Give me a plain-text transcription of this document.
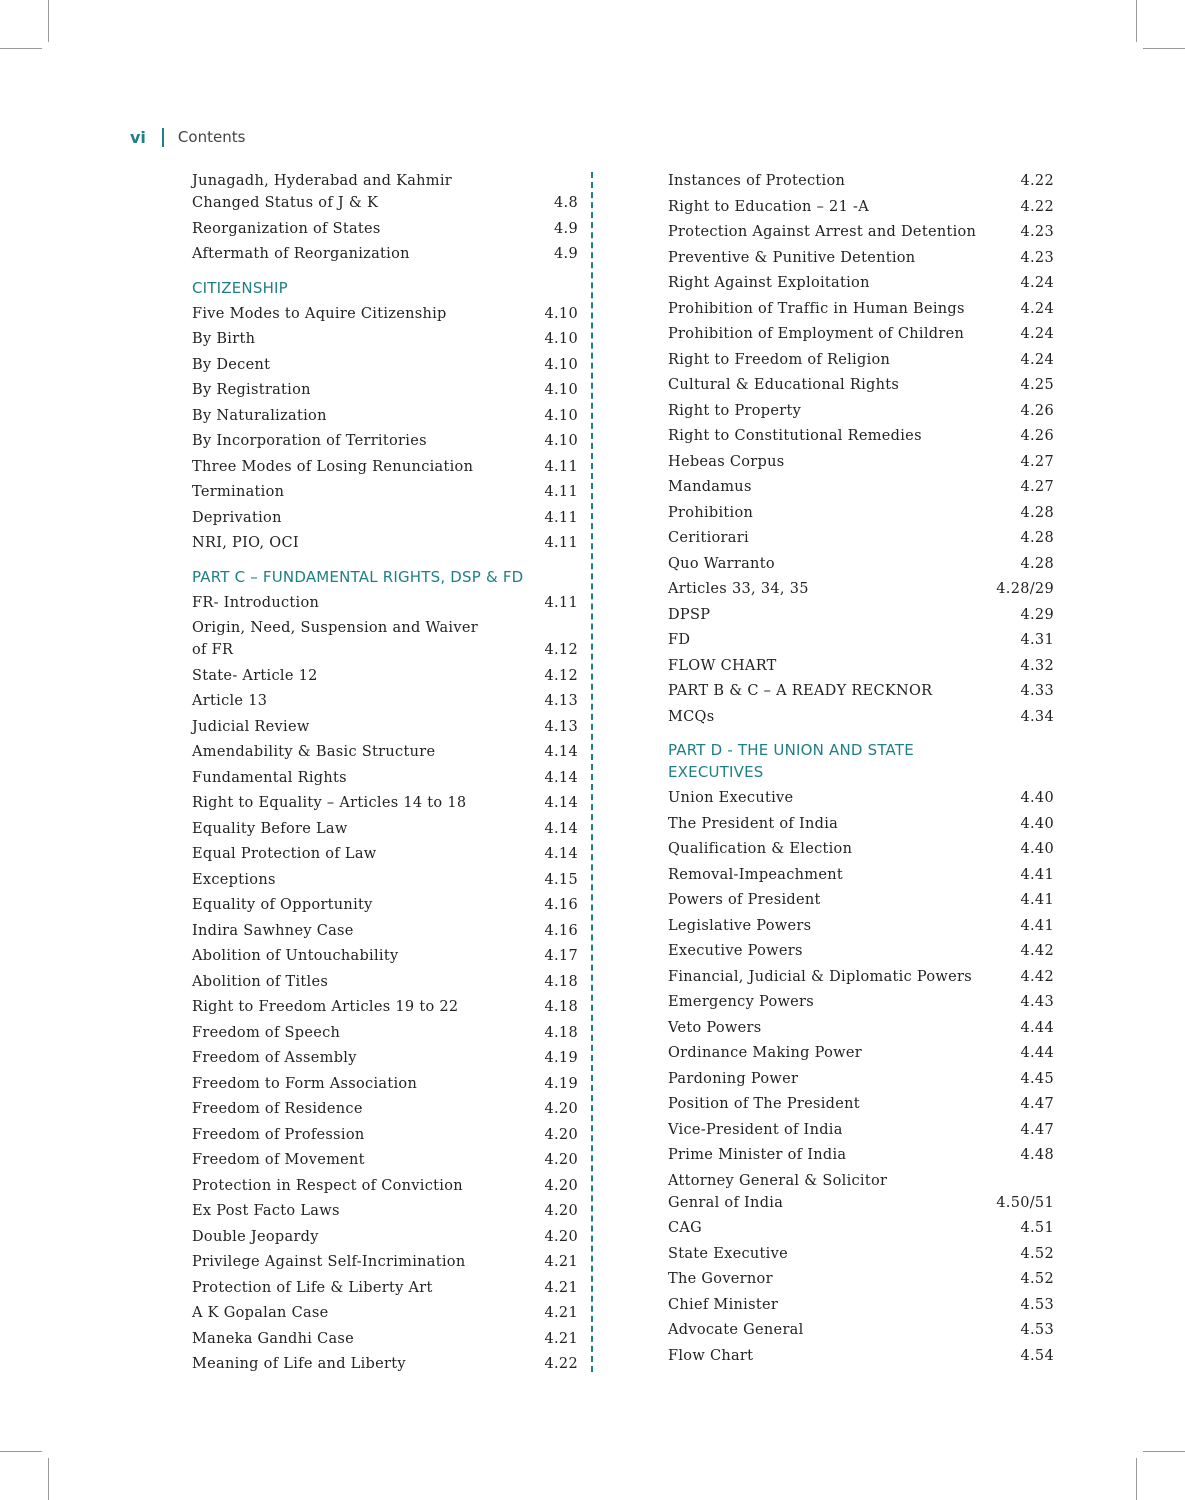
vi Contents
Junagadh, Hyderabad and Kahmir
Changed Status of J & K	4.8
Reorganization of States	4.9
Aftermath of Reorganization	4.9
CITIZENSHIP
Five Modes to Aquire Citizenship	4.10
By Birth	4.10
By Decent	4.10
By Registration	4.10
By Naturalization	4.10
By Incorporation of Territories	4.10
Three Modes of Losing Renunciation	4.11
Termination	4.11
Deprivation	4.11
NRI, PIO, OCI	4.11
PART C – FUNDAMENTAL RIGHTS, DSP & FD
FR- Introduction	4.11
Origin, Need, Suspension and Waiver
of FR	4.12
State- Article 12	4.12
Article 13	4.13
Judicial Review	4.13
Amendability & Basic Structure	4.14
Fundamental Rights	4.14
Right to Equality – Articles 14 to 18	4.14
Equality Before Law	4.14
Equal Protection of Law	4.14
Exceptions	4.15
Equality of Opportunity	4.16
Indira Sawhney Case	4.16
Abolition of Untouchability	4.17
Abolition of Titles	4.18
Right to Freedom Articles 19 to 22	4.18
Freedom of Speech	4.18
Freedom of Assembly	4.19
Freedom to Form Association	4.19
Freedom of Residence	4.20
Freedom of Profession	4.20
Freedom of Movement	4.20
Protection in Respect of Conviction	4.20
Ex Post Facto Laws	4.20
Double Jeopardy	4.20
Privilege Against Self-Incrimination	4.21
Protection of Life & Liberty Art	4.21
A K Gopalan Case	4.21
Maneka Gandhi Case	4.21
Meaning of Life and Liberty	4.22
Instances of Protection	4.22
Right to Education – 21 -A	4.22
Protection Against Arrest and Detention	4.23
Preventive & Punitive Detention	4.23
Right Against Exploitation	4.24
Prohibition of Traffic in Human Beings	4.24
Prohibition of Employment of Children	4.24
Right to Freedom of Religion	4.24
Cultural & Educational Rights	4.25
Right to Property	4.26
Right to Constitutional Remedies	4.26
Hebeas Corpus	4.27
Mandamus	4.27
Prohibition	4.28
Ceritiorari	4.28
Quo Warranto	4.28
Articles 33, 34, 35	4.28/29
DPSP	4.29
FD	4.31
FLOW CHART	4.32
PART B & C – A READY RECKNOR	4.33
MCQs	4.34
PART D - THE UNION AND STATE
EXECUTIVES
Union Executive	4.40
The President of India	4.40
Qualification & Election	4.40
Removal-Impeachment	4.41
Powers of President	4.41
Legislative Powers	4.41
Executive Powers	4.42
Financial, Judicial & Diplomatic Powers	4.42
Emergency Powers	4.43
Veto Powers	4.44
Ordinance Making Power	4.44
Pardoning Power	4.45
Position of The President	4.47
Vice-President of India	4.47
Prime Minister of India	4.48
Attorney General & Solicitor
Genral of India	4.50/51
CAG	4.51
State Executive	4.52
The Governor	4.52
Chief Minister	4.53
Advocate General	4.53
Flow Chart	4.54
